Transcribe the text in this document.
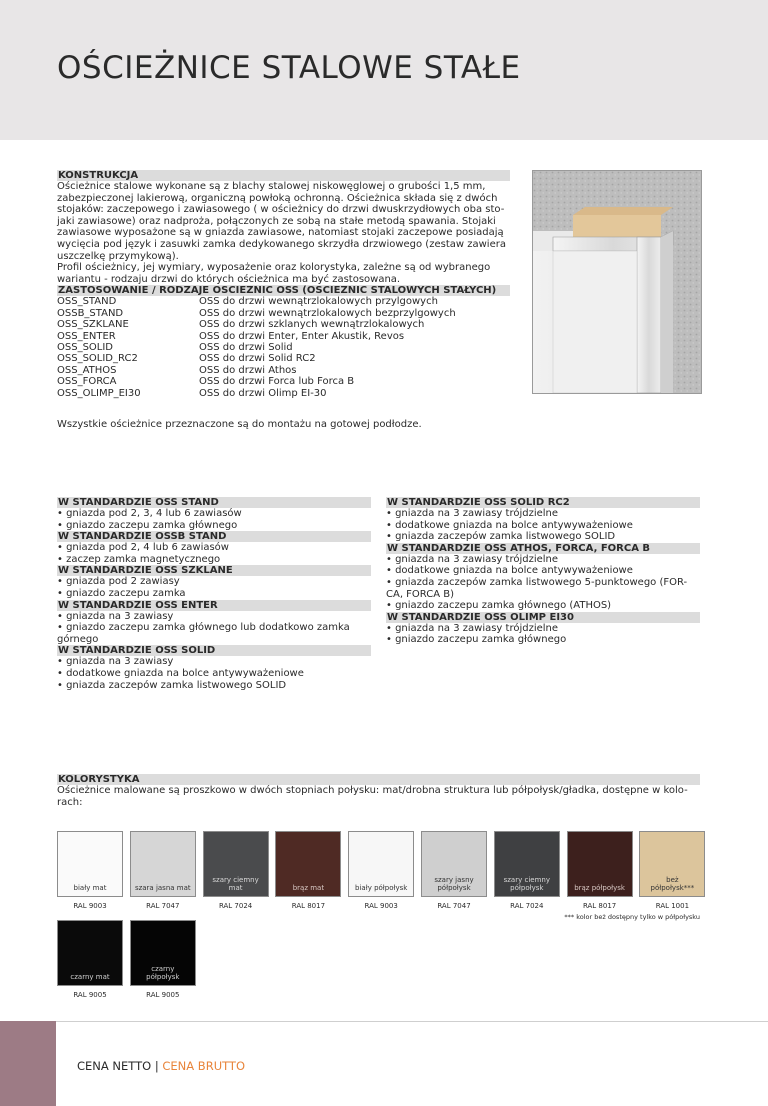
OŚCIEŻNICE STALOWE STAŁE
KONSTRUKCJA

Ościeżnice stalowe wykonane są z blachy stalowej niskowęglowej o grubości 1,5 mm,

zabezpieczonej lakierową, organiczną powłoką ochronną. Ościeżnica składa się z dwóch

stojaków: zaczepowego i zawiasowego ( w ościeżnicy do drzwi dwuskrzydłowych oba sto-

jaki zawiasowe) oraz nadproża, połączonych ze sobą na stałe metodą spawania. Stojaki

zawiasowe wyposażone są w gniazda zawiasowe, natomiast stojaki zaczepowe posiadają

wycięcia pod język i zasuwki zamka dedykowanego skrzydła drzwiowego (zestaw zawiera

uszczelkę przymykową).

Profil ościeżnicy, jej wymiary, wyposażenie oraz kolorystyka, zależne są od wybranego

wariantu - rodzaju drzwi do których ościeżnica ma być zastosowana.

ZASTOSOWANIE / RODZAJE OŚCIEŻNIC OSS (OŚCIEŻNIC STALOWYCH STAŁYCH)
OSS_STAND	OSS do drzwi wewnątrzlokalowych przylgowych
OSSB_STAND	OSS do drzwi wewnątrzlokalowych bezprzylgowych
OSS_SZKLANE	OSS do drzwi szklanych wewnątrzlokalowych
OSS_ENTER	OSS do drzwi Enter, Enter Akustik, Revos
OSS_SOLID	OSS do drzwi Solid
OSS_SOLID_RC2	OSS do drzwi Solid RC2
OSS_ATHOS	OSS do drzwi Athos
OSS_FORCA	OSS do drzwi Forca lub Forca B
OSS_OLIMP_EI30	OSS do drzwi Olimp EI-30
Wszystkie ościeżnice przeznaczone są do montażu na gotowej podłodze.
W STANDARDZIE OSS STAND
• gniazda pod 2, 3, 4 lub 6 zawiasów
• gniazdo zaczepu zamka głównego
W STANDARDZIE OSSB STAND
• gniazda pod 2, 4 lub 6 zawiasów
• zaczep zamka magnetycznego
W STANDARDZIE OSS SZKLANE
• gniazda pod 2 zawiasy
• gniazdo zaczepu zamka
W STANDARDZIE OSS ENTER
• gniazda na 3 zawiasy
• gniazdo zaczepu zamka głównego lub dodatkowo zamka
górnego
W STANDARDZIE OSS SOLID
• gniazda na 3 zawiasy
• dodatkowe gniazda na bolce antywyważeniowe
• gniazda zaczepów zamka listwowego SOLID
W STANDARDZIE OSS SOLID RC2
• gniazda na 3 zawiasy trójdzielne
• dodatkowe gniazda na bolce antywyważeniowe
• gniazda zaczepów zamka listwowego SOLID
W STANDARDZIE OSS ATHOS, FORCA, FORCA B
• gniazda na 3 zawiasy trójdzielne
• dodatkowe gniazda na bolce antywyważeniowe
• gniazda zaczepów zamka listwowego 5-punktowego (FOR-
CA, FORCA B)
• gniazdo zaczepu zamka głównego (ATHOS)
W STANDARDZIE OSS OLIMP EI30
• gniazda na 3 zawiasy trójdzielne
• gniazdo zaczepu zamka głównego
KOLORYSTYKA

Ościeżnice malowane są proszkowo w dwóch stopniach połysku: mat/drobna struktura lub półpołysk/gładka, dostępne w kolo-

rach:

biały mat
RAL 9003
szara jasna mat
RAL 7047
szary ciemny mat
RAL 7024
brąz mat
RAL 8017
biały półpołysk
RAL 9003
szary jasny półpołysk
RAL 7047
szary ciemny półpołysk
RAL 7024
brąz półpołysk
RAL 8017
beż półpołysk***
RAL 1001
czarny mat
RAL 9005
czarny półpołysk
RAL 9005
*** kolor beż dostępny tylko w półpołysku
CENA NETTO | CENA BRUTTO
